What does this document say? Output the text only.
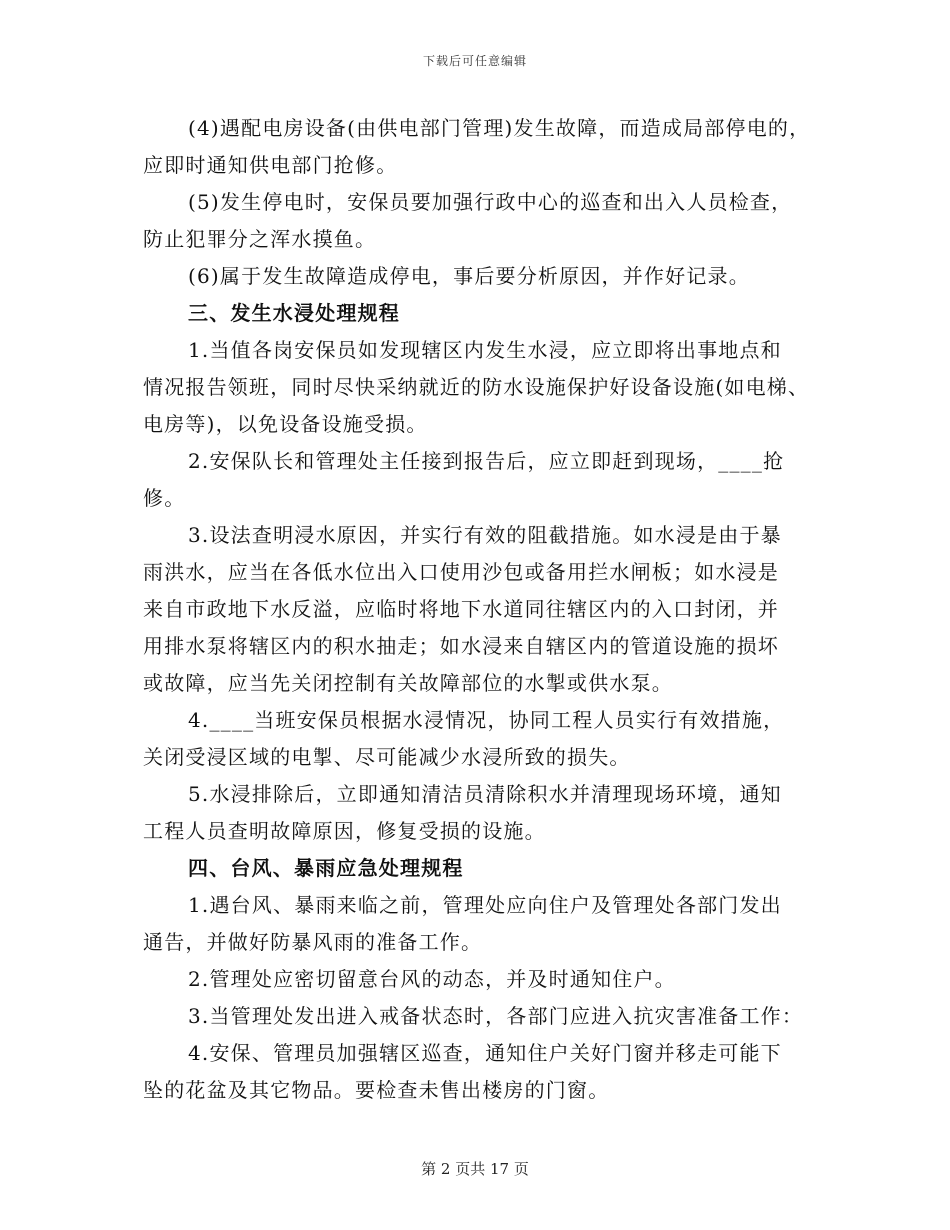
下载后可任意编辑
(4)遇配电房设备(由供电部门管理)发生故障，而造成局部停电的，
应即时通知供电部门抢修。
(5)发生停电时，安保员要加强行政中心的巡查和出入人员检查，
防止犯罪分之浑水摸鱼。
(6)属于发生故障造成停电，事后要分析原因，并作好记录。
三、发生水浸处理规程
1.当值各岗安保员如发现辖区内发生水浸，应立即将出事地点和
情况报告领班，同时尽快采纳就近的防水设施保护好设备设施(如电梯、
电房等)，以免设备设施受损。
2.安保队长和管理处主任接到报告后，应立即赶到现场，____抢
修。
3.设法查明浸水原因，并实行有效的阻截措施。如水浸是由于暴
雨洪水，应当在各低水位出入口使用沙包或备用拦水闸板；如水浸是
来自市政地下水反溢，应临时将地下水道同往辖区内的入口封闭，并
用排水泵将辖区内的积水抽走；如水浸来自辖区内的管道设施的损坏
或故障，应当先关闭控制有关故障部位的水掣或供水泵。
4.____当班安保员根据水浸情况，协同工程人员实行有效措施，
关闭受浸区域的电掣、尽可能减少水浸所致的损失。
5.水浸排除后，立即通知清洁员清除积水并清理现场环境，通知
工程人员查明故障原因，修复受损的设施。
四、台风、暴雨应急处理规程
1.遇台风、暴雨来临之前，管理处应向住户及管理处各部门发出
通告，并做好防暴风雨的准备工作。
2.管理处应密切留意台风的动态，并及时通知住户。
3.当管理处发出进入戒备状态时，各部门应进入抗灾害准备工作：
4.安保、管理员加强辖区巡查，通知住户关好门窗并移走可能下
坠的花盆及其它物品。要检查未售出楼房的门窗。
第 2 页共 17 页
